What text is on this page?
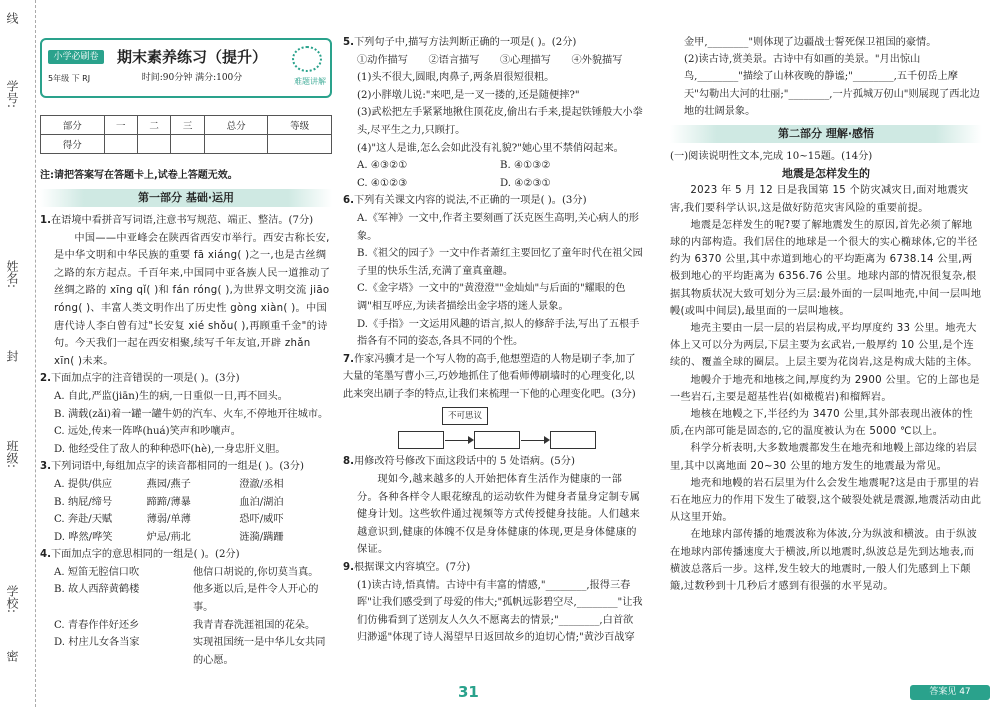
线
学号:
姓名:
封
班级:
学校:
密
小学必刷卷
5年级 下 RJ
期末素养练习（提升）
时间:90分钟 满分:100分	难题讲解
部分	一	二	三	总分	等级
得分					
注:请把答案写在答题卡上,试卷上答题无效。
第一部分 基础·运用
1.在语境中看拼音写词语,注意书写规范、端正、整洁。(7分)
中国——中亚峰会在陕西省西安市举行。西安古称长安,是中华文明和中华民族的重要 fā xiáng( )之一,也是古丝绸之路的东方起点。千百年来,中国同中亚各族人民一道推动了丝绸之路的 xīng qǐ( )和 fán róng( ),为世界文明交流 jiāo róng( )、丰富人类文明作出了历史性 gòng xiàn( )。中国唐代诗人李白曾有过"长安复 xié shǒu( ),再顾重千金"的诗句。今天我们一起在西安相聚,续写千年友谊,开辟 zhǎn xīn( )未来。
2.下面加点字的注音错误的一项是( )。(3分)
A. 自此,严监(jiān)生的病,一日重似一日,再不回头。
B. 满载(zǎi)着一罐一罐牛奶的汽车、火车,不停地开往城市。
C. 远处,传来一阵哗(huá)笑声和吵嚷声。
D. 他经受住了敌人的种种恐吓(hè),一身忠肝义胆。
3.下列词语中,每组加点字的读音都相同的一组是( )。(3分)
A. 提供/供应	燕园/燕子	澄澈/丞相
B. 纳屁/缔号	蹄蹄/薄暴	血泊/湖泊
C. 奔赴/天赋	薄弱/单薄	恐吓/威吓
D. 哗然/哗笑	炉忌/荊北	涟漪/蹒跚
4.下面加点字的意思相同的一组是( )。(2分)
A. 短笛无腔信口吹	他信口胡说的,你切莫当真。
B. 故人西辞黄鹤楼	他多逝以后,是件令人开心的事。
C. 青春作伴好还乡	我青青春洗涯祖国的花朵。
D. 村庄儿女各当家	实现祖国统一是中华儿女共同的心愿。
5.下列句子中,描写方法判断正确的一项是( )。(2分)
①动作描写	②语言描写	③心理描写	④外貌描写
(1)头不很大,圆眼,肉鼻子,两条眉很短很粗。
(2)小胖墩儿说:"来吧,是一叉一搂的,还是随便摔?"
(3)武松把左手紧紧地揪住顶花皮,偷出右手来,提起铁锤般大小拳头,尽平生之力,只顾打。
(4)"这人是谁,怎么会如此没有礼貌?"她心里不禁俏闷起来。
A. ④③②①	B. ④①③②
C. ④①②③	D. ④②③①
6.下列有关课文内容的说法,不正确的一项是( )。(3分)
A.《军神》一文中,作者主要刻画了沃克医生高明,关心病人的形象。
B.《祖父的园子》一文中作者萧红主要回忆了童年时代在祖父园子里的快乐生活,充满了童真童趣。
C.《金字塔》一文中的"黄澄澄""金灿灿"与后面的"耀眼的色调"相互呼应,为读者描绘出金字塔的迷人景象。
D.《手指》一文运用风趣的语言,拟人的修辞手法,写出了五根手指各有不同的姿态,各具不同的个性。
7.作家冯骥才是一个写人物的高手,他想塑造的人物是刷子李,加了大量的笔墨写曹小三,巧妙地抓住了他看师傅刷墙时的心理变化,以此来突出刷子李的特点,让我们来梳理一下他的心理变化吧。(3分)
不可思议
8.用修改符号修改下面这段话中的 5 处语病。(5分)
现如今,越来越多的人开始把体育生活作为健康的一部分。各种各样令人眼花缭乱的运动软件为健身者量身定制专属健身计划。这些软件通过视频等方式传授健身技能。人们越来越意识到,健康的体魄不仅是身体健康的体现,更是身体健康的保证。
9.根据课文内容填空。(7分)
(1)读古诗,悟真情。古诗中有丰富的情感,"________,报得三春晖"让我们感受到了母爱的伟大;"孤帆远影碧空尽,________"让我们仿佛看到了送别友人久久不愿离去的情景;"________,白首欲归渺遥"体现了诗人渴望早日返回故乡的迫切心情;"黄沙百战穿
金甲,________"则体现了边疆战士誓死保卫祖国的豪情。
(2)读古诗,赏美景。古诗中有如画的美景。"月出惊山鸟,________"描绘了山林夜晚的静谧;"________,五千仞岳上摩天"勾勒出大河的壮丽;"________,一片孤城万仞山"则展现了西北边地的壮阔景象。
第二部分 理解·感悟
(一)阅读说明性文本,完成 10~15题。(14分)
地震是怎样发生的
2023 年 5 月 12 日是我国第 15 个防灾减灾日,面对地震灾害,我们要科学认识,这是做好防范灾害风险的重要前提。
地震是怎样发生的呢?要了解地震发生的原因,首先必须了解地球的内部构造。我们居住的地球是一个很大的实心椭球体,它的半径约为 6370 公里,其中赤道到地心的平均距离为 6738.14 公里,两极到地心的平均距离为 6356.76 公里。地球内部的情况很复杂,根据其物质状况大致可划分为三层:最外面的一层叫地壳,中间一层叫地幔(或叫中间层),最里面的一层叫地核。
地壳主要由一层一层的岩层构成,平均厚度约 33 公里。地壳大体上又可以分为两层,下层主要为玄武岩,一般厚约 10 公里,是个连续的、覆盖全球的圈层。上层主要为花岗岩,这是构成大陆的主体。
地幔介于地壳和地核之间,厚度约为 2900 公里。它的上部也是一些岩石,主要是超基性岩(如橄榄岩)和榴辉岩。
地核在地幔之下,半径约为 3470 公里,其外部表现出液体的性质,在内部可能是固态的,它的温度被认为在 5000 ℃以上。
科学分析表明,大多数地震都发生在地壳和地幔上部边缘的岩层里,其中以离地面 20~30 公里的地方发生的地震最为常见。
地壳和地幔的岩石层里为什么会发生地震呢?这是由于那里的岩石在地应力的作用下发生了破裂,这个破裂处就是震源,地震活动由此从这里开始。
在地球内部传播的地震波称为体波,分为纵波和横波。由于纵波在地球内部传播速度大于横波,所以地震时,纵波总是先到达地表,而横波总落后一步。这样,发生较大的地震时,一般人们先感到上下颠簸,过数秒到十几秒后才感到有很强的水平晃动。
31	答案见 47
